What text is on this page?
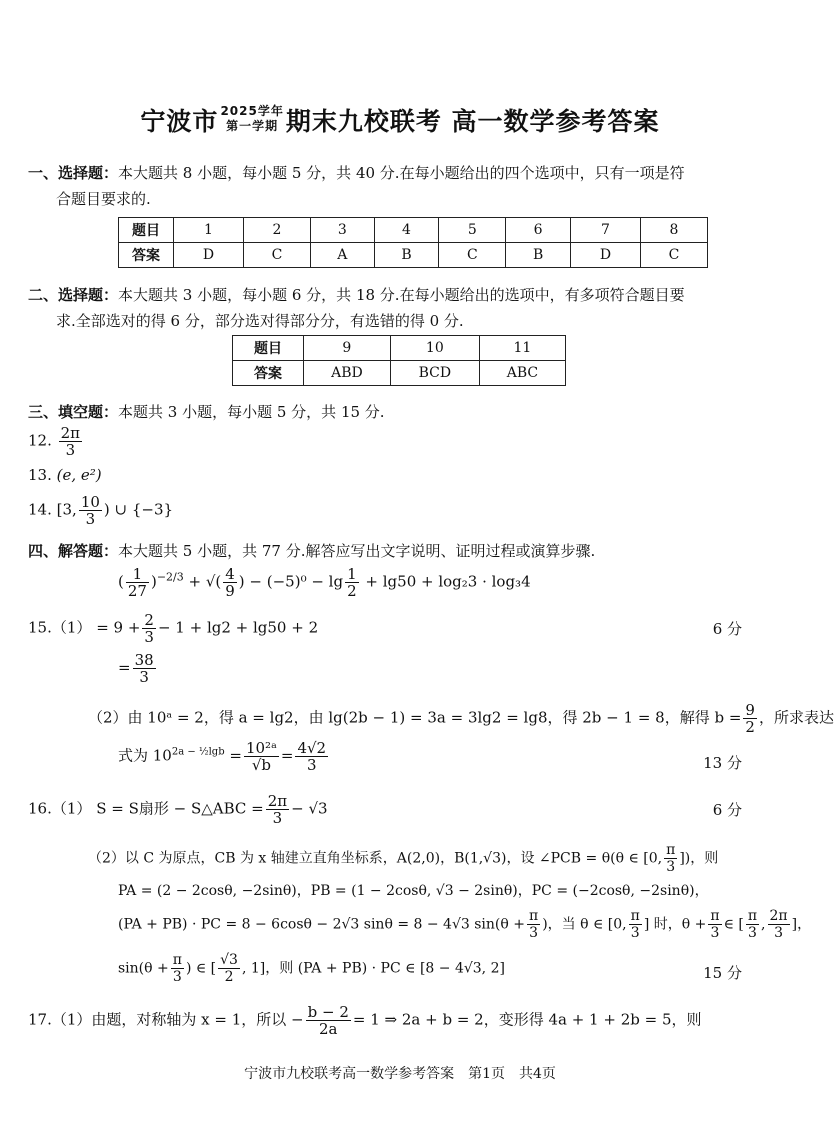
宁波市 2025学年
第一学期 期末九校联考 高一数学参考答案
一、选择题：本大题共 8 小题，每小题 5 分，共 40 分.在每小题给出的四个选项中，只有一项是符
合题目要求的.
题目	1	2	3	4	5	6	7	8
答案	D	C	A	B	C	B	D	C
二、选择题：本大题共 3 小题，每小题 6 分，共 18 分.在每小题给出的选项中，有多项符合题目要
求.全部选对的得 6 分，部分选对得部分分，有选错的得 0 分.
题目	9	10	11
答案	ABD	BCD	ABC
三、填空题：本题共 3 小题，每小题 5 分，共 15 分.
12. $\frac{2\pi}{3}$
13. (e, e²)
14. [3, $\frac{10}{3}$ ) ∪ {−3}
四、解答题：本大题共 5 小题，共 77 分.解答应写出文字说明、证明过程或演算步骤.
( $\frac{1}{27} )^{-2/3}$ + √( $\frac{4}{9}$ ) − $(-5)^0 - \lg \frac{1}{2} + \lg 50 + \log_23 \cdot \log_34$
$15.(1) = 9 + \frac{2}{3} - 1 + \lg 2 + \lg 50 + 2$	6 分
= $\frac{38}{3}$
（2）由 10ᵃ = 2，得 a = lg2，由 lg(2b − 1) = 3a = 3lg2 = lg8，得 2b − 1 = 8，解得 $b = \frac{9}{2}$ ，所求表达
式为 $10^{2a - \frac{1}{2}lgb} = \frac{\text{10²ᵃ}}{√b} = \frac{4√2}{3}$	13 分
16.（1） S = S扇形 − S△ABC = $\frac{2\pi}{3} - √3$	6 分
（2）以 C 为原点，CB 为 x 轴建立直角坐标系，A(2,0)，B(1,√3)，设 ∠PCB = θ(θ ∈ [0, $\frac{\pi}{3}$ ])，则
PA = (2 − 2cosθ, −2sinθ)，PB = (1 − 2cosθ, √3 − 2sinθ)，PC = (−2cosθ, −2sinθ)，
(PA + PB) · PC = 8 − 6cosθ − 2√3 sinθ = 8 − 4√3 $\sin(\theta + \frac{\pi}{3}$ )，当 θ ∈ [0, $\frac{\pi}{3}$ ] 时，$\theta + \frac{\pi}{3}$ ∈ [ $\frac{\pi}{3}$ , $\frac{2\pi}{3}$ ]，
$\sin(\theta + \frac{\pi}{3}$ ) ∈ [ $\frac{√3}{2}$ , 1]，则 (PA + PB) · PC ∈ [8 − 4√3, 2]	15 分
17.（1）由题，对称轴为 x = 1，所以 − $\frac{b - 2}{2a} = 1$ ⇒ 2a + b = 2，变形得 4a + 1 + 2b = 5，则
宁波市九校联考高一数学参考答案　第1页　共4页
